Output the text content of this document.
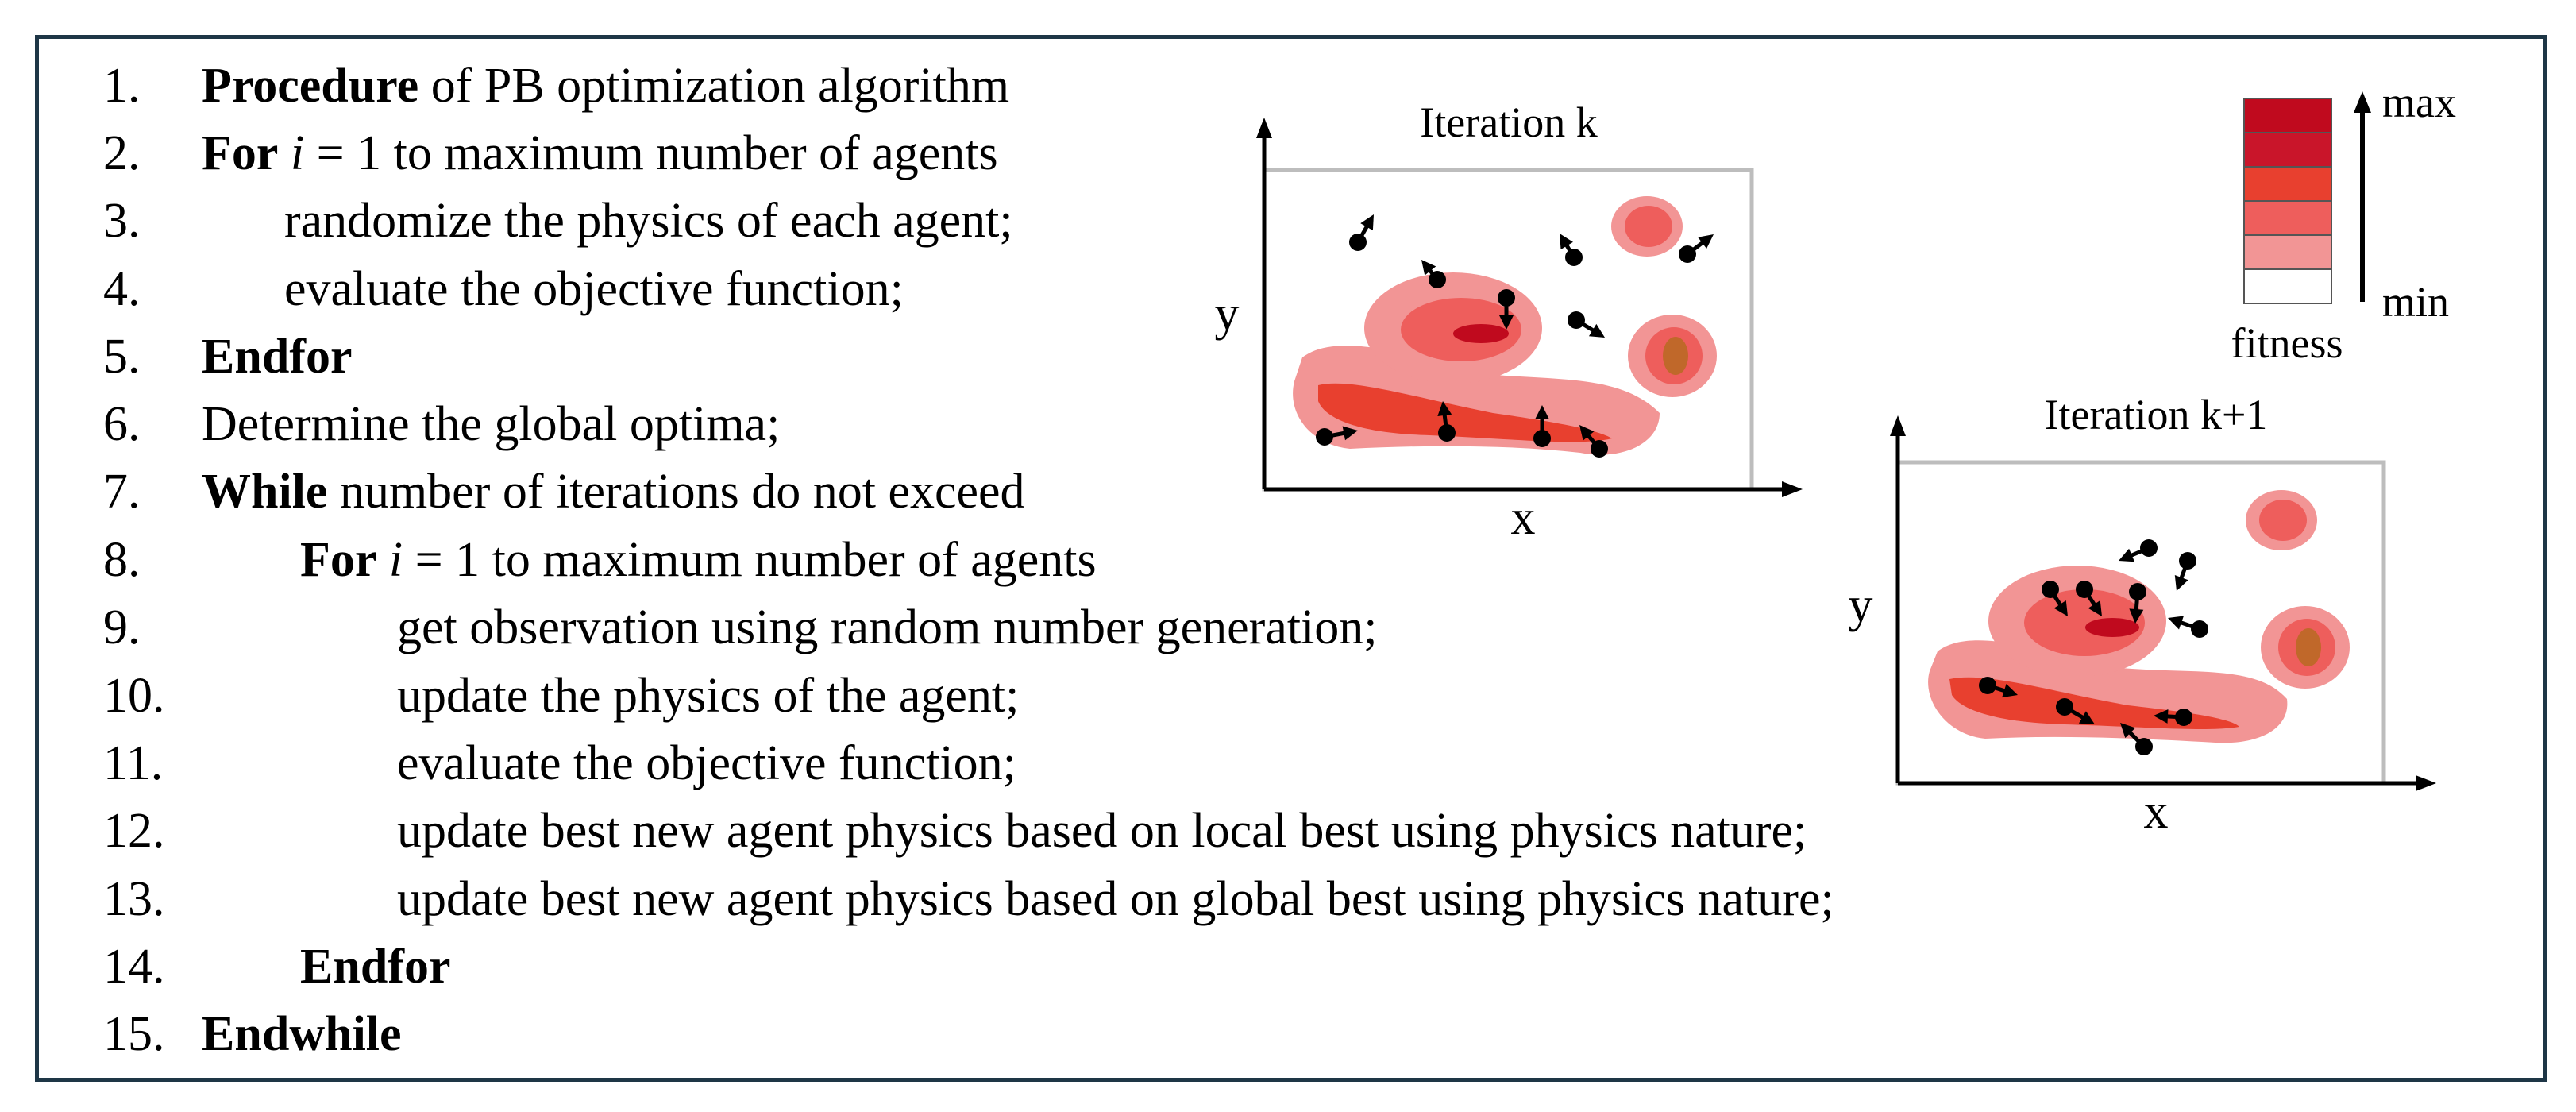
1. Procedure of PB optimization algorithm
2. For i = 1 to maximum number of agents
3.	randomize the physics of each agent;
4.	evaluate the objective function;
5. Endfor
6. Determine the global optima;
7. While number of iterations do not exceed
8.	For i = 1 to maximum number of agents
9.	get observation using random number generation;
10.	update the physics of the agent;
11.	evaluate the objective function;
12.	update best new agent physics based on local best using physics nature;
13.	update best new agent physics based on global best using physics nature;
14.	Endfor
15. Endwhile
Iteration k
y
x
Iteration k+1
y
x
max
min
fitness
